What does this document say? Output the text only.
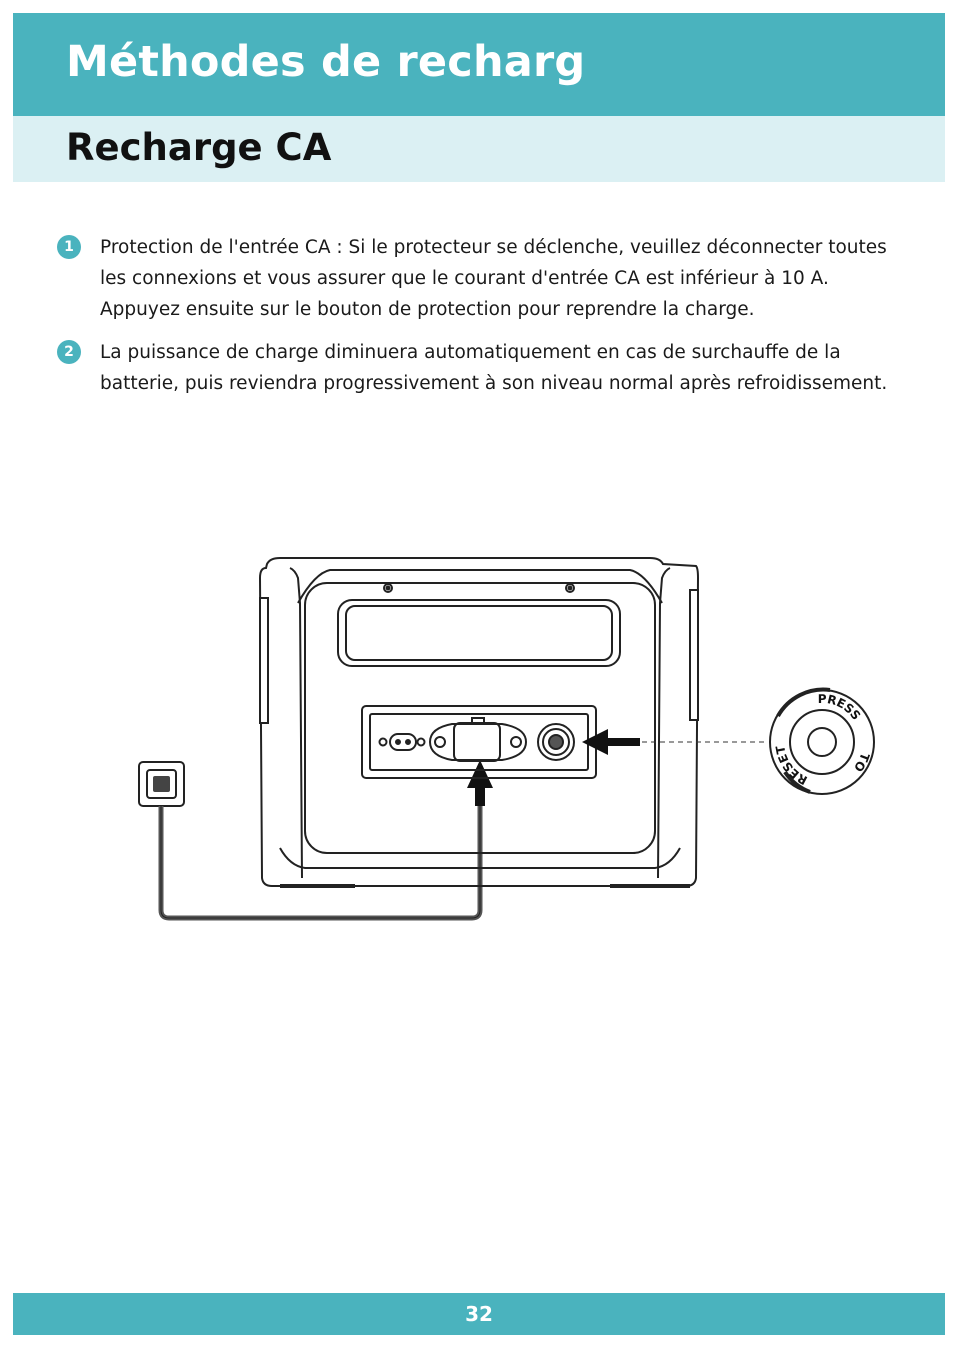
Méthodes de recharg
Recharge CA
1	Protection de l'entrée CA : Si le protecteur se déclenche, veuillez déconnecter toutes les connexions et vous assurer que le courant d'entrée CA est inférieur à 10 A. Appuyez ensuite sur le bouton de protection pour reprendre la charge.
2	La puissance de charge diminuera automatiquement en cas de surchauffe de la batterie, puis reviendra progressivement à son niveau normal après refroidissement.
PRESS
RESET
TO
32
